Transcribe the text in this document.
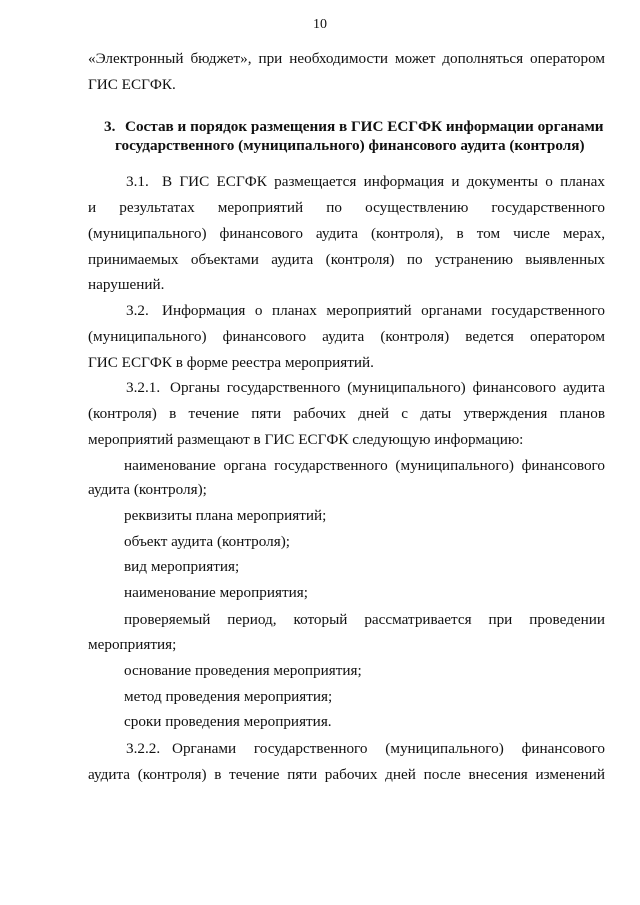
10
«Электронный бюджет», при необходимости может дополняться оператором
ГИС ЕСГФК.
3. Состав и порядок размещения в ГИС ЕСГФК информации органами
государственного (муниципального) финансового аудита (контроля)
3.1. В ГИС ЕСГФК размещается информация и документы о планах
и результатах мероприятий по осуществлению государственного
(муниципального) финансового аудита (контроля), в том числе мерах,
принимаемых объектами аудита (контроля) по устранению выявленных
нарушений.
3.2. Информация о планах мероприятий органами государственного
(муниципального) финансового аудита (контроля) ведется оператором
ГИС ЕСГФК в форме реестра мероприятий.
3.2.1. Органы государственного (муниципального) финансового аудита
(контроля) в течение пяти рабочих дней с даты утверждения планов
мероприятий размещают в ГИС ЕСГФК следующую информацию:
наименование органа государственного (муниципального) финансового
аудита (контроля);
реквизиты плана мероприятий;
объект аудита (контроля);
вид мероприятия;
наименование мероприятия;
проверяемый период, который рассматривается при проведении
мероприятия;
основание проведения мероприятия;
метод проведения мероприятия;
сроки проведения мероприятия.
3.2.2. Органами государственного (муниципального) финансового
аудита (контроля) в течение пяти рабочих дней после внесения изменений
